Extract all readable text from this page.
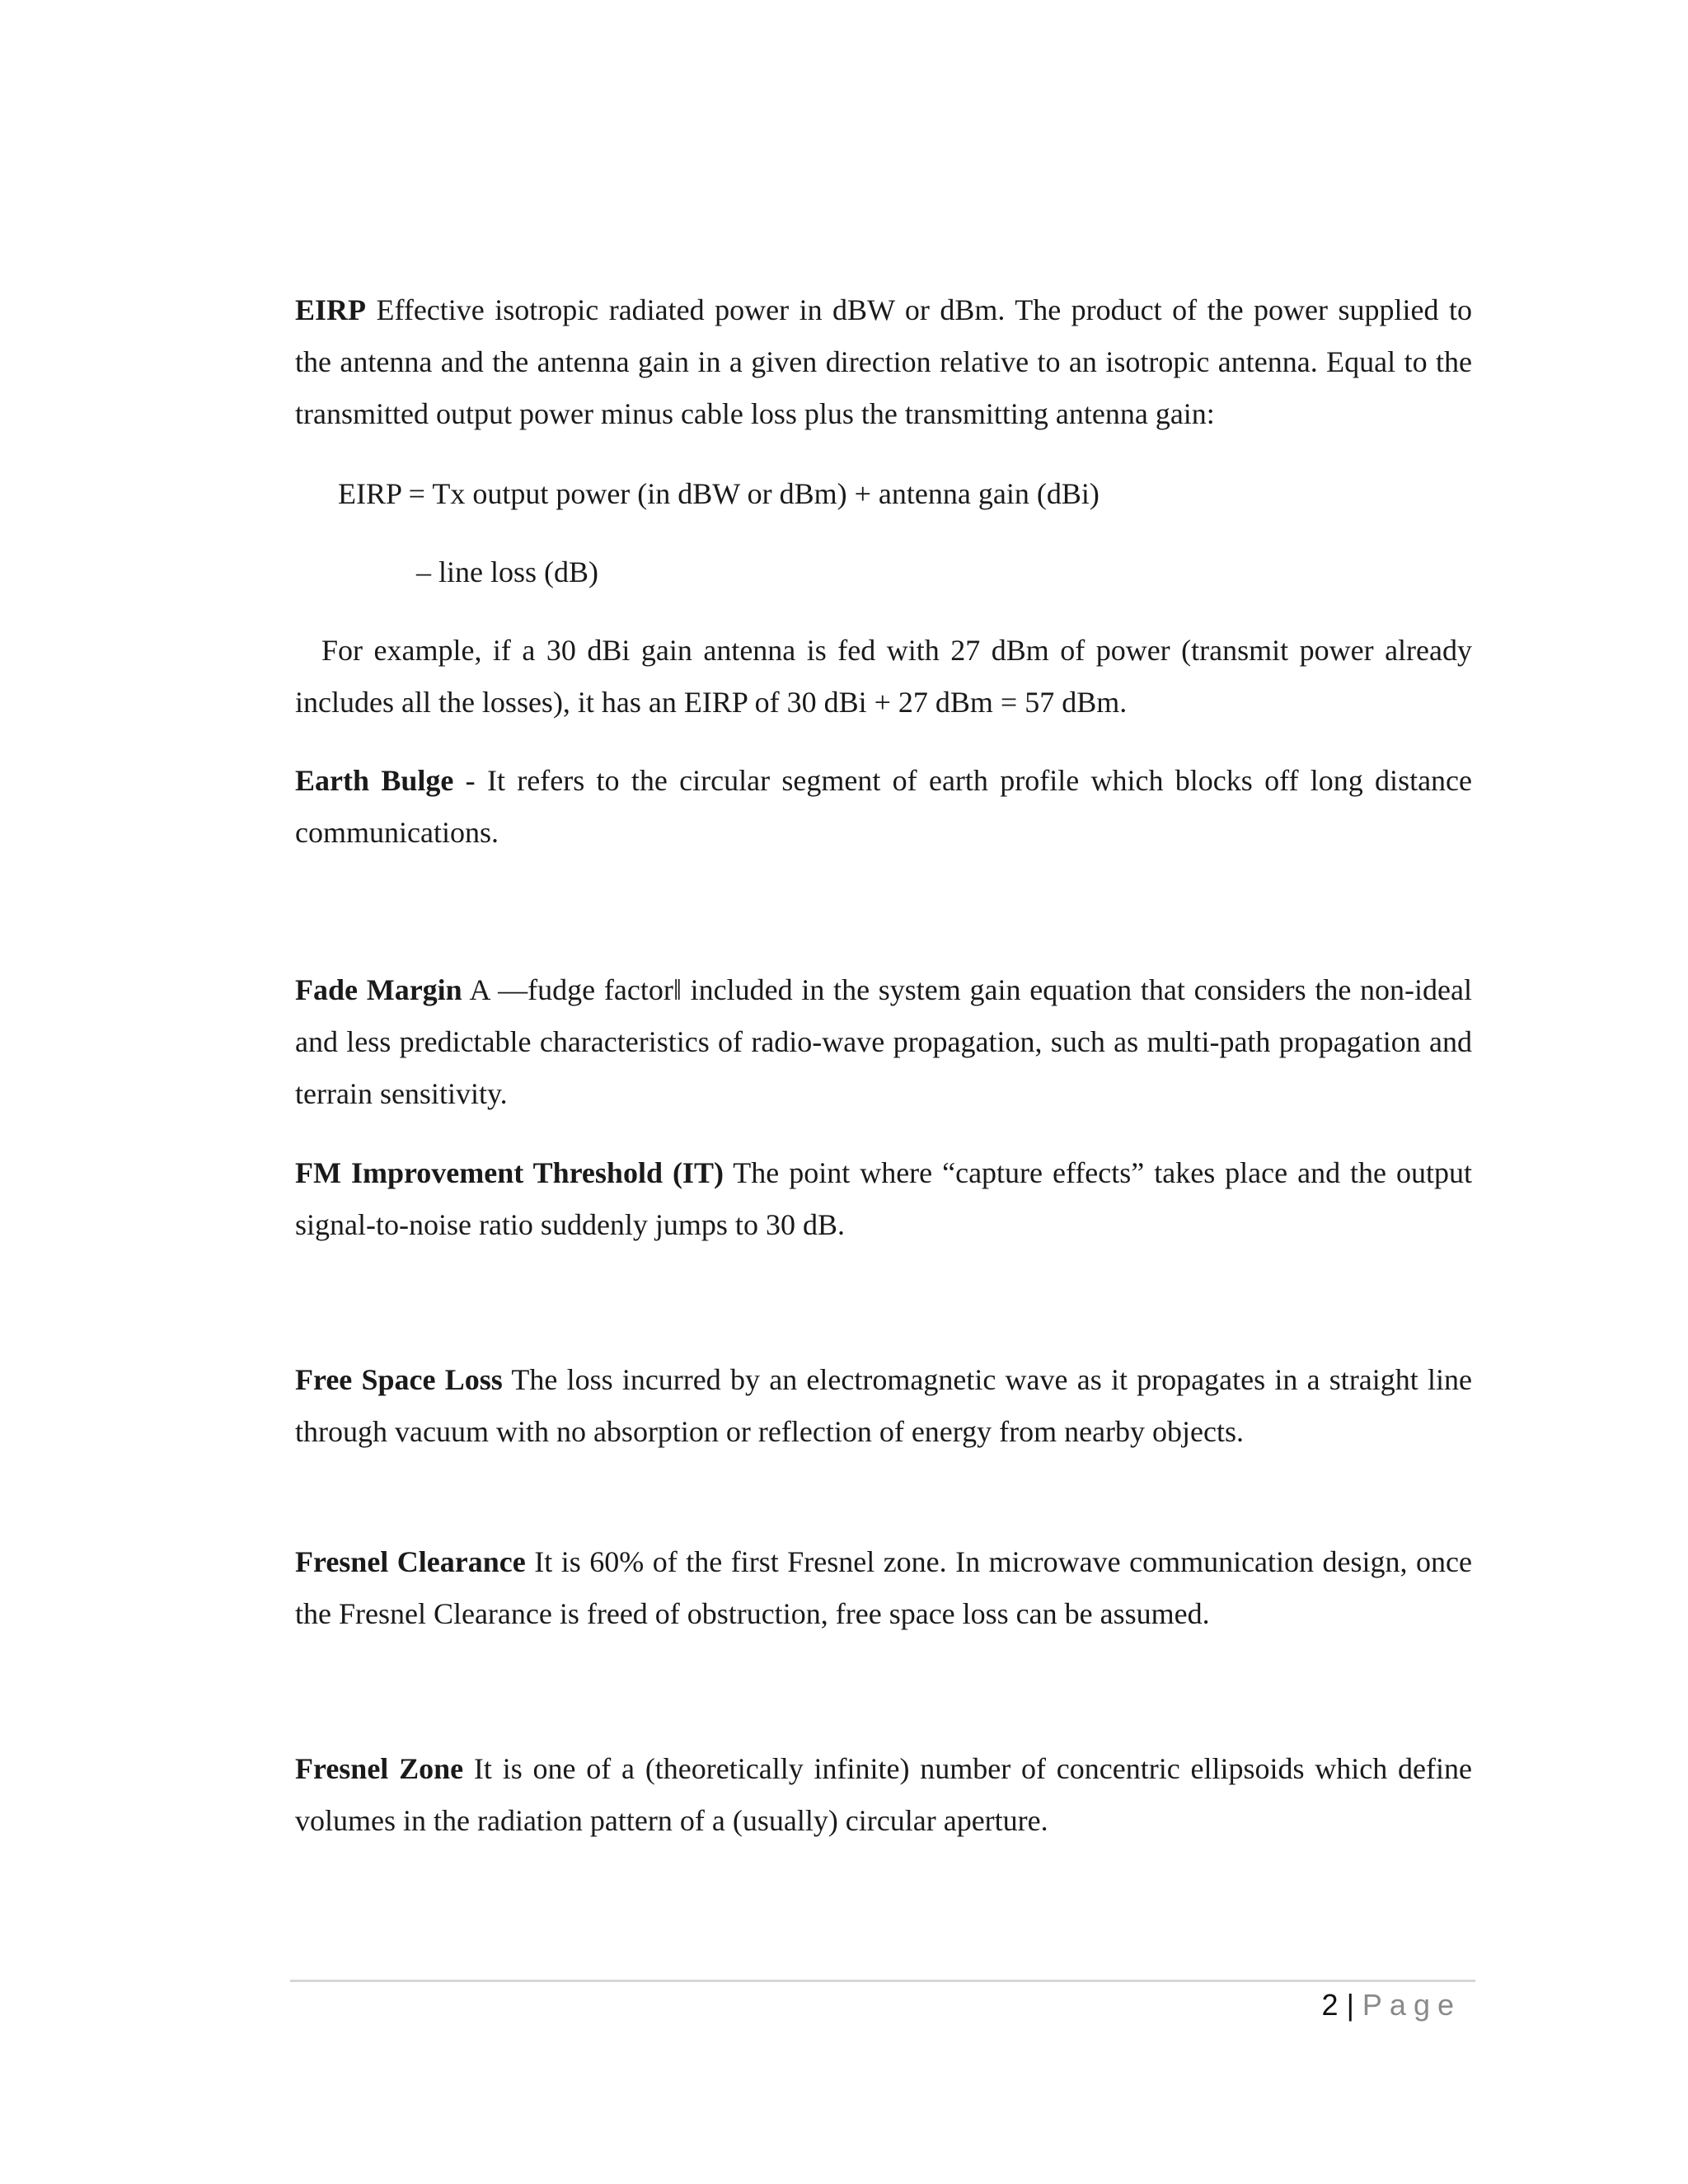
EIRP Effective isotropic radiated power in dBW or dBm. The product of the power supplied to the antenna and the antenna gain in a given direction relative to an isotropic antenna. Equal to the transmitted output power minus cable loss plus the transmitting antenna gain:

EIRP = Tx output power (in dBW or dBm) + antenna gain (dBi)

– line loss (dB)

For example, if a 30 dBi gain antenna is fed with 27 dBm of power (transmit power already includes all the losses), it has an EIRP of 30 dBi + 27 dBm = 57 dBm.

Earth Bulge - It refers to the circular segment of earth profile which blocks off long distance communications.

Fade Margin A ―fudge factor‖ included in the system gain equation that considers the non-ideal and less predictable characteristics of radio-wave propagation, such as multi-path propagation and terrain sensitivity.

FM Improvement Threshold (IT) The point where “capture effects” takes place and the output signal-to-noise ratio suddenly jumps to 30 dB.

Free Space Loss The loss incurred by an electromagnetic wave as it propagates in a straight line through vacuum with no absorption or reflection of energy from nearby objects.

Fresnel Clearance It is 60% of the first Fresnel zone. In microwave communication design, once the Fresnel Clearance is freed of obstruction, free space loss can be assumed.

Fresnel Zone It is one of a (theoretically infinite) number of concentric ellipsoids which define volumes in the radiation pattern of a (usually) circular aperture.

2 | Page
